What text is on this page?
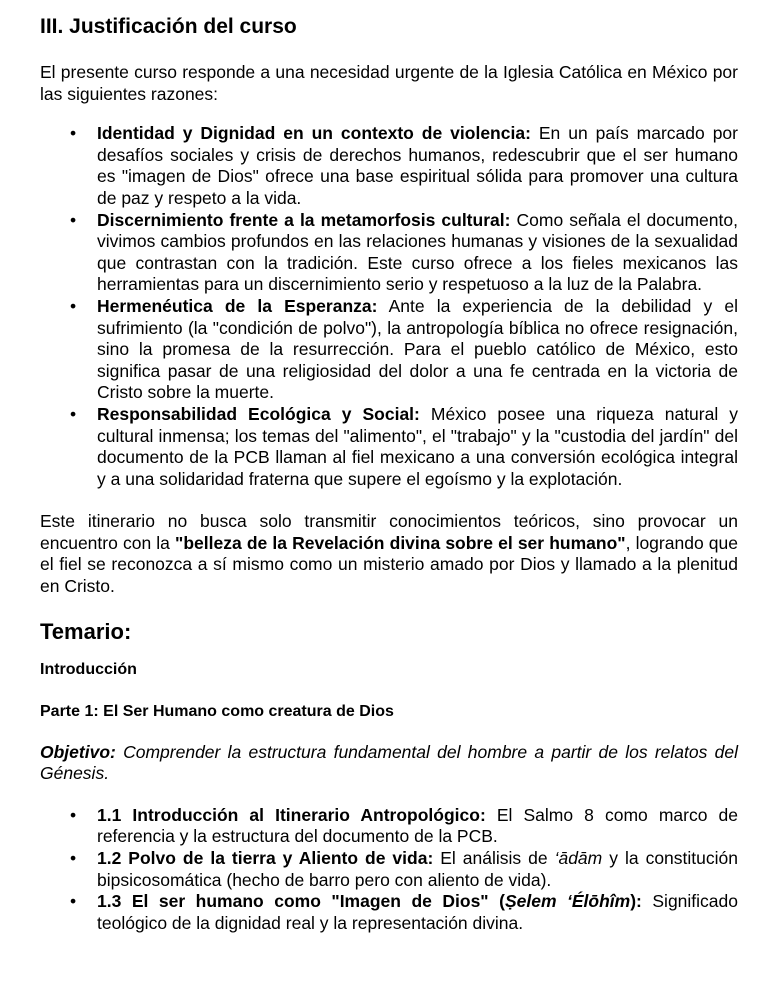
III. Justificación del curso

El presente curso responde a una necesidad urgente de la Iglesia Católica en México por las siguientes razones:

• Identidad y Dignidad en un contexto de violencia: En un país marcado por desafíos sociales y crisis de derechos humanos, redescubrir que el ser humano es "imagen de Dios" ofrece una base espiritual sólida para promover una cultura de paz y respeto a la vida.
• Discernimiento frente a la metamorfosis cultural: Como señala el documento, vivimos cambios profundos en las relaciones humanas y visiones de la sexualidad que contrastan con la tradición. Este curso ofrece a los fieles mexicanos las herramientas para un discernimiento serio y respetuoso a la luz de la Palabra.
• Hermenéutica de la Esperanza: Ante la experiencia de la debilidad y el sufrimiento (la "condición de polvo"), la antropología bíblica no ofrece resignación, sino la promesa de la resurrección. Para el pueblo católico de México, esto significa pasar de una religiosidad del dolor a una fe centrada en la victoria de Cristo sobre la muerte.
• Responsabilidad Ecológica y Social: México posee una riqueza natural y cultural inmensa; los temas del "alimento", el "trabajo" y la "custodia del jardín" del documento de la PCB llaman al fiel mexicano a una conversión ecológica integral y a una solidaridad fraterna que supere el egoísmo y la explotación.

Este itinerario no busca solo transmitir conocimientos teóricos, sino provocar un encuentro con la "belleza de la Revelación divina sobre el ser humano", logrando que el fiel se reconozca a sí mismo como un misterio amado por Dios y llamado a la plenitud en Cristo.

Temario:
Introducción
Parte 1: El Ser Humano como creatura de Dios

Objetivo: Comprender la estructura fundamental del hombre a partir de los relatos del Génesis.

• 1.1 Introducción al Itinerario Antropológico: El Salmo 8 como marco de referencia y la estructura del documento de la PCB.
• 1.2 Polvo de la tierra y Aliento de vida: El análisis de ‘ādām y la constitución bipsicosomática (hecho de barro pero con aliento de vida).
• 1.3 El ser humano como "Imagen de Dios" (Ṣelem ‘Élōhîm): Significado teológico de la dignidad real y la representación divina.
